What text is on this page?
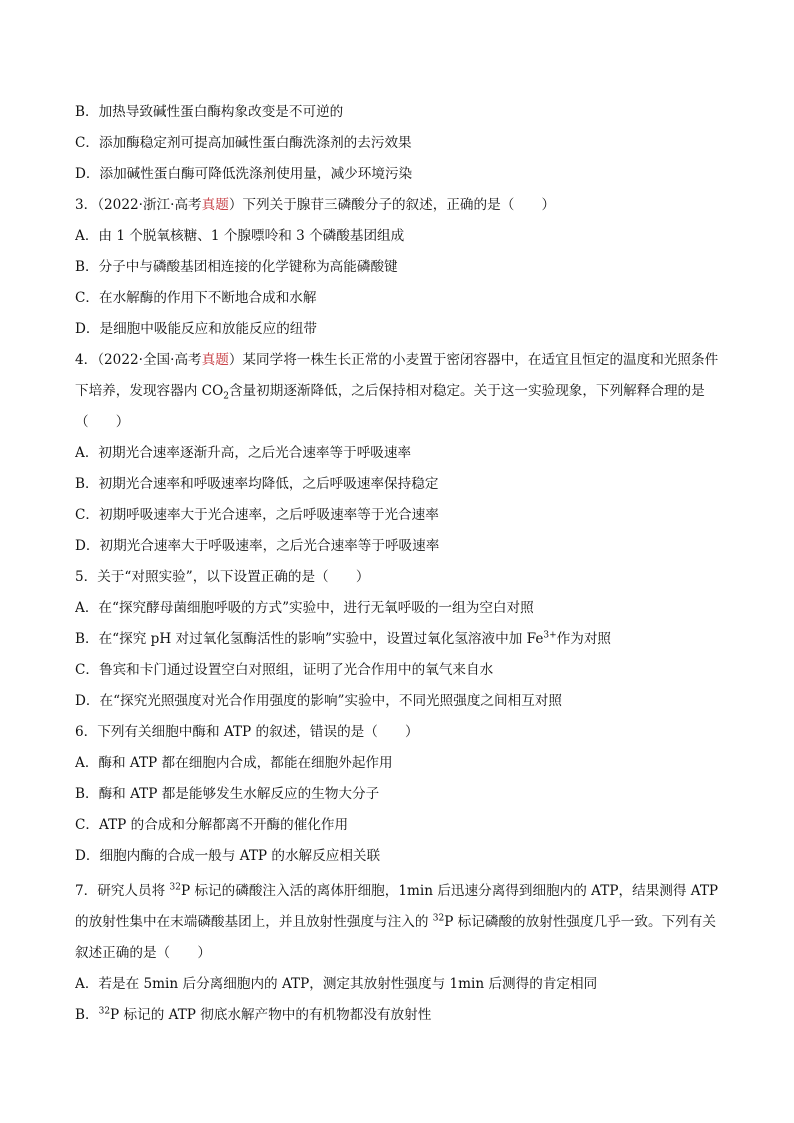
B．加热导致碱性蛋白酶构象改变是不可逆的
C．添加酶稳定剂可提高加碱性蛋白酶洗涤剂的去污效果
D．添加碱性蛋白酶可降低洗涤剂使用量，减少环境污染
3．（2022·浙江·高考真题）下列关于腺苷三磷酸分子的叙述，正确的是（　　）
A．由 1 个脱氧核糖、1 个腺嘌呤和 3 个磷酸基团组成
B．分子中与磷酸基团相连接的化学键称为高能磷酸键
C．在水解酶的作用下不断地合成和水解
D．是细胞中吸能反应和放能反应的纽带
4．（2022·全国·高考真题）某同学将一株生长正常的小麦置于密闭容器中，在适宜且恒定的温度和光照条件
下培养，发现容器内 $CO_2$含量初期逐渐降低，之后保持相对稳定。关于这一实验现象，下列解释合理的是
（　　）
A．初期光合速率逐渐升高，之后光合速率等于呼吸速率
B．初期光合速率和呼吸速率均降低，之后呼吸速率保持稳定
C．初期呼吸速率大于光合速率，之后呼吸速率等于光合速率
D．初期光合速率大于呼吸速率，之后光合速率等于呼吸速率
5．关于“对照实验”，以下设置正确的是（　　）
A．在“探究酵母菌细胞呼吸的方式”实验中，进行无氧呼吸的一组为空白对照
B．在“探究 pH 对过氧化氢酶活性的影响”实验中，设置过氧化氢溶液中加 $Fe^{3+}$作为对照
C．鲁宾和卡门通过设置空白对照组，证明了光合作用中的氧气来自水
D．在“探究光照强度对光合作用强度的影响”实验中，不同光照强度之间相互对照
6．下列有关细胞中酶和 ATP 的叙述，错误的是（　　）
A．酶和 ATP 都在细胞内合成，都能在细胞外起作用
B．酶和 ATP 都是能够发生水解反应的生物大分子
C．ATP 的合成和分解都离不开酶的催化作用
D．细胞内酶的合成一般与 ATP 的水解反应相关联
7．研究人员将 $^{32}$P 标记的磷酸注入活的离体肝细胞，1min 后迅速分离得到细胞内的 ATP，结果测得 ATP
的放射性集中在末端磷酸基团上，并且放射性强度与注入的 $^{32}$P 标记磷酸的放射性强度几乎一致。下列有关
叙述正确的是（　　）
A．若是在 5min 后分离细胞内的 ATP，测定其放射性强度与 1min 后测得的肯定相同
B．$^{32}$P 标记的 ATP 彻底水解产物中的有机物都没有放射性
